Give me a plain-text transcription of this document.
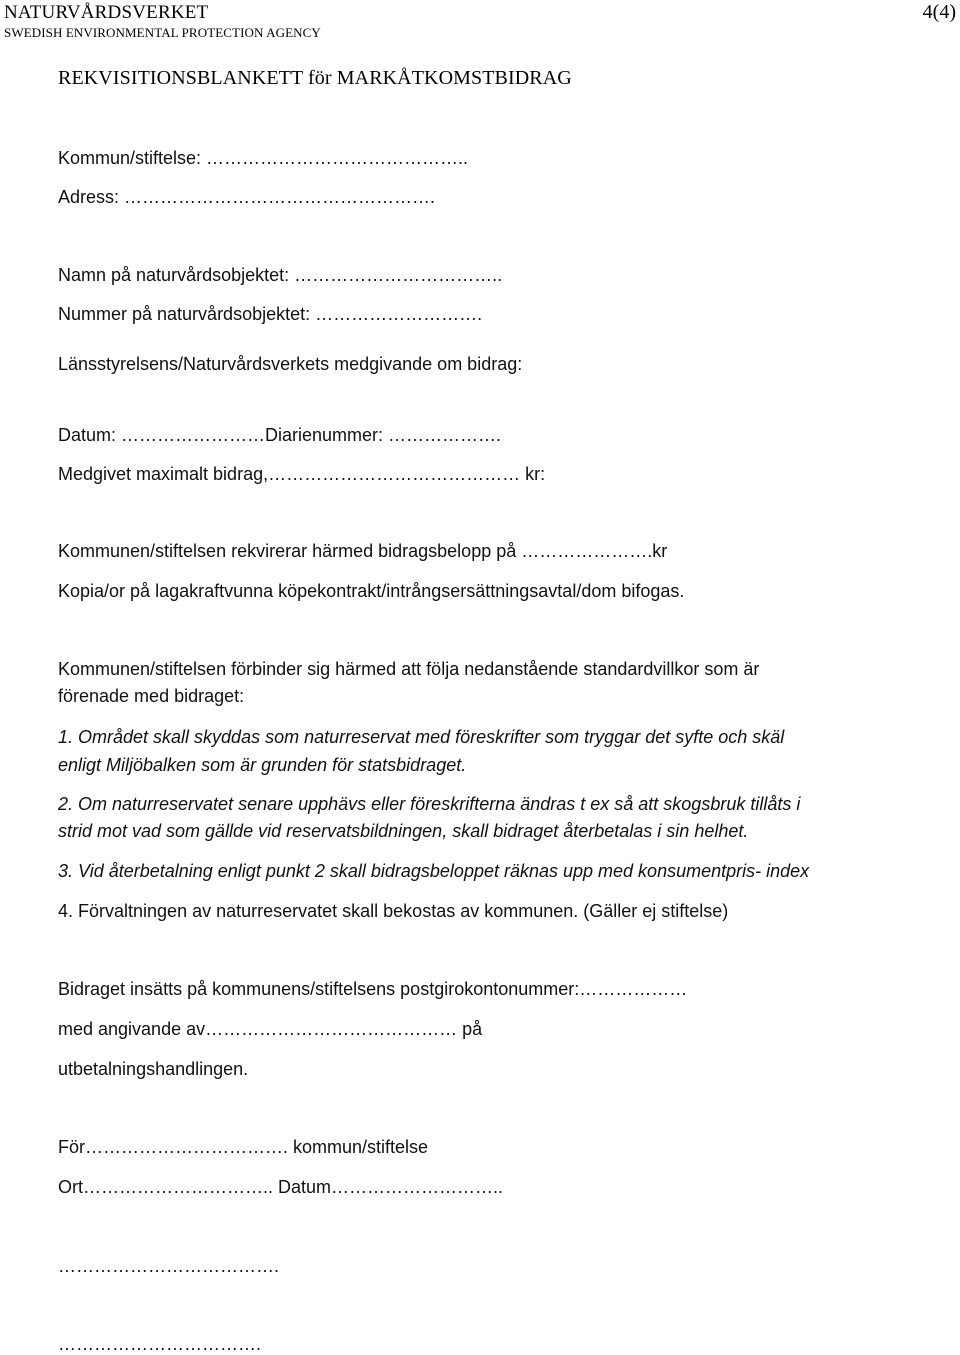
NATURVÅRDSVERKET
SWEDISH ENVIRONMENTAL PROTECTION AGENCY
4(4)
REKVISITIONSBLANKETT för MARKÅTKOMSTBIDRAG
Kommun/stiftelse: ……………………………………..
Adress: …………………………………………….
Namn på naturvårdsobjektet: ……………………………..
Nummer på naturvårdsobjektet: ……………………….
Länsstyrelsens/Naturvårdsverkets medgivande om bidrag:
Datum: ……………………Diarienummer: ……………….
Medgivet maximalt bidrag,…………………………………… kr:
Kommunen/stiftelsen rekvirerar härmed bidragsbelopp på ………………….kr
Kopia/or på lagakraftvunna köpekontrakt/intrångsersättningsavtal/dom bifogas.
Kommunen/stiftelsen förbinder sig härmed att följa nedanstående standardvillkor som är
förenade med bidraget:
1. Området skall skyddas som naturreservat med föreskrifter som tryggar det syfte och skäl
enligt Miljöbalken som är grunden för statsbidraget.
2. Om naturreservatet senare upphävs eller föreskrifterna ändras t ex så att skogsbruk tillåts i
strid mot vad som gällde vid reservatsbildningen, skall bidraget återbetalas i sin helhet.
3. Vid återbetalning enligt punkt 2 skall bidragsbeloppet räknas upp med konsumentpris- index
4. Förvaltningen av naturreservatet skall bekostas av kommunen. (Gäller ej stiftelse)
Bidraget insätts på kommunens/stiftelsens postgirokontonummer:………………
med angivande av…………………………………… på
utbetalningshandlingen.
För……………………………. kommun/stiftelse
Ort………………………….. Datum………………………..
……………………………….
…………………………….
